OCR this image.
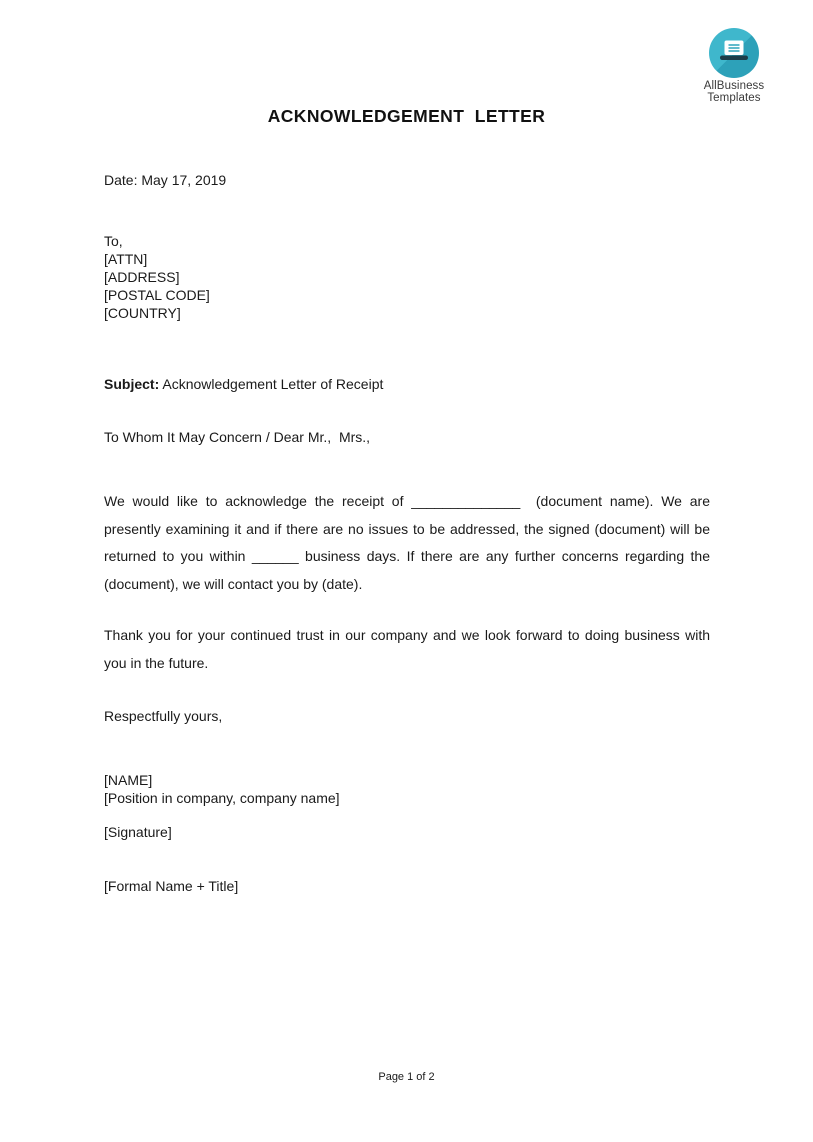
AllBusiness
Templates
ACKNOWLEDGEMENT  LETTER
Date: May 17, 2019
To,
[ATTN]
[ADDRESS]
[POSTAL CODE]
[COUNTRY]
Subject: Acknowledgement Letter of Receipt
To Whom It May Concern / Dear Mr.,  Mrs.,
We would like to acknowledge the receipt of ______________  (document name). We are presently examining it and if there are no issues to be addressed, the signed (document) will be returned to you within ______ business days. If there are any further concerns regarding the (document), we will contact you by (date).
Thank you for your continued trust in our company and we look forward to doing business with you in the future.
Respectfully yours,
[NAME]
[Position in company, company name]
[Signature]
[Formal Name + Title]
Page 1 of 2
